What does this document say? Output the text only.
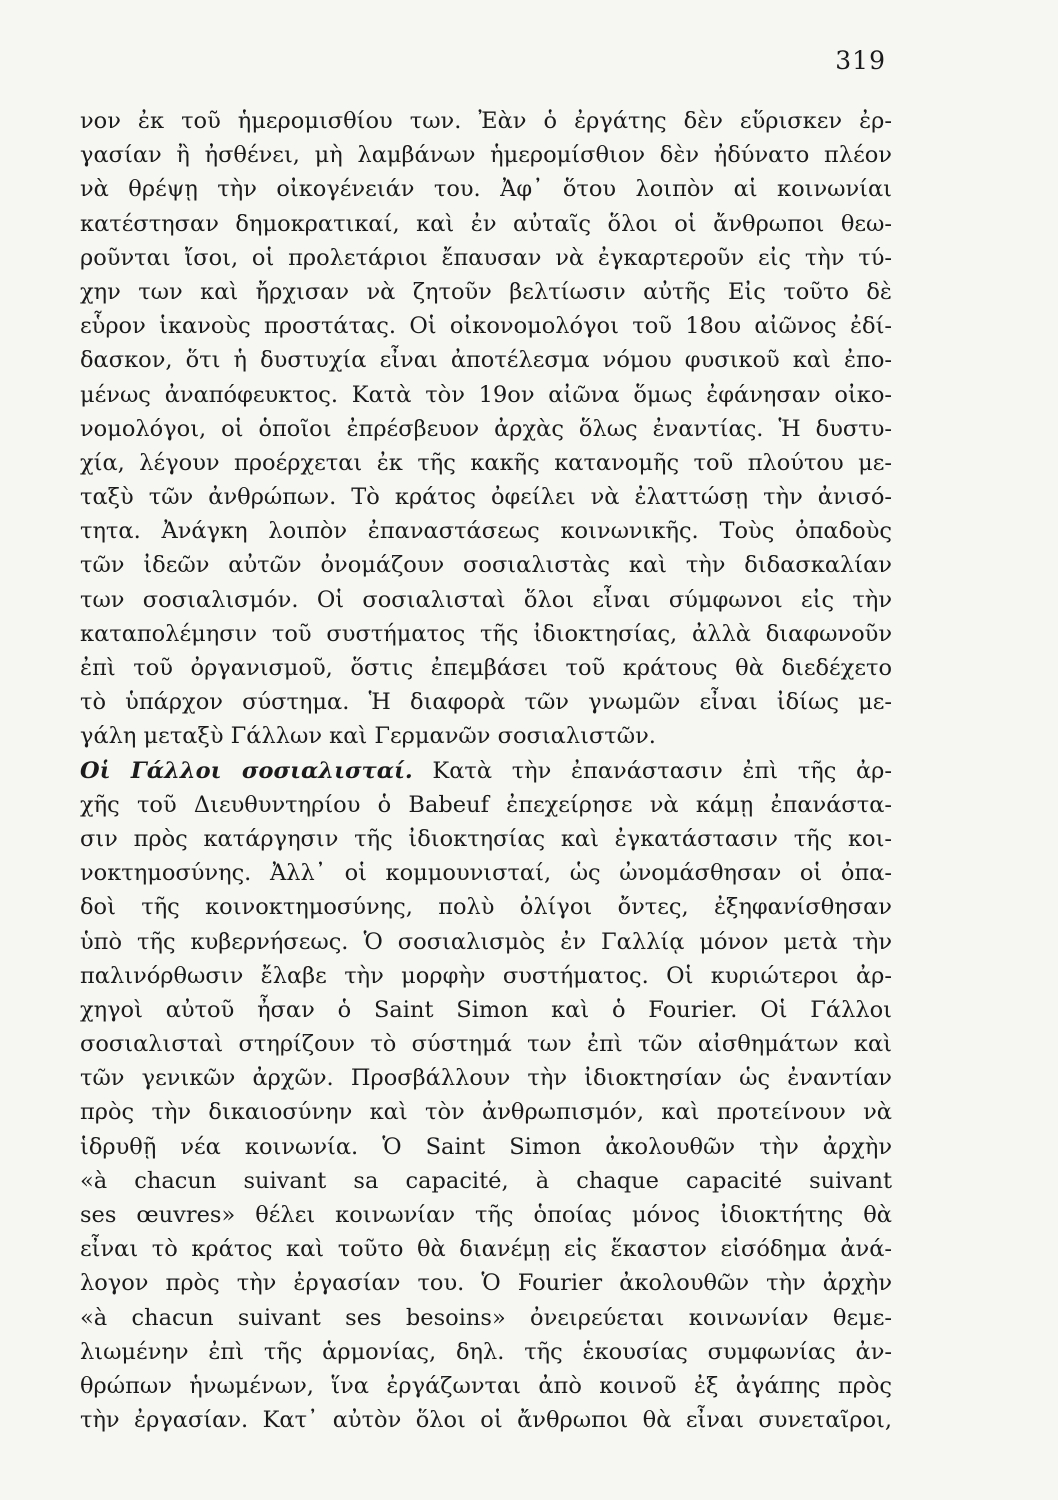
319
νον ἐκ τοῦ ἡμερομισθίου των. Ἐὰν ὁ ἐργάτης δὲν εὕρισκεν ἐρ-
γασίαν ἢ ἠσθένει, μὴ λαμβάνων ἡμερομίσθιον δὲν ἠδύνατο πλέον
νὰ θρέψῃ τὴν οἰκογένειάν του. Ἀφ᾽ ὅτου λοιπὸν αἱ κοινωνίαι
κατέστησαν δημοκρατικαί, καὶ ἐν αὐταῖς ὅλοι οἱ ἄνθρωποι θεω-
ροῦνται ἴσοι, οἱ προλετάριοι ἔπαυσαν νὰ ἐγκαρτεροῦν εἰς τὴν τύ-
χην των καὶ ἤρχισαν νὰ ζητοῦν βελτίωσιν αὐτῆς Εἰς τοῦτο δὲ
εὗρον ἱκανοὺς προστάτας. Οἱ οἰκονομολόγοι τοῦ 18ου αἰῶνος ἐδί-
δασκον, ὅτι ἡ δυστυχία εἶναι ἀποτέλεσμα νόμου φυσικοῦ καὶ ἐπο-
μένως ἀναπόφευκτος. Κατὰ τὸν 19ον αἰῶνα ὅμως ἐφάνησαν οἰκο-
νομολόγοι, οἱ ὁποῖοι ἐπρέσβευον ἀρχὰς ὅλως ἐναντίας. Ἡ δυστυ-
χία, λέγουν προέρχεται ἐκ τῆς κακῆς κατανομῆς τοῦ πλούτου με-
ταξὺ τῶν ἀνθρώπων. Τὸ κράτος ὀφείλει νὰ ἐλαττώσῃ τὴν ἀνισό-
τητα. Ἀνάγκη λοιπὸν ἐπαναστάσεως κοινωνικῆς. Τοὺς ὀπαδοὺς
τῶν ἰδεῶν αὐτῶν ὀνομάζουν σοσιαλιστὰς καὶ τὴν διδασκαλίαν
των σοσιαλισμόν. Οἱ σοσιαλισταὶ ὅλοι εἶναι σύμφωνοι εἰς τὴν
καταπολέμησιν τοῦ συστήματος τῆς ἰδιοκτησίας, ἀλλὰ διαφωνοῦν
ἐπὶ τοῦ ὀργανισμοῦ, ὅστις ἐπεμβάσει τοῦ κράτους θὰ διεδέχετο
τὸ ὑπάρχον σύστημα. Ἡ διαφορὰ τῶν γνωμῶν εἶναι ἰδίως με-
γάλη μεταξὺ Γάλλων καὶ Γερμανῶν σοσιαλιστῶν.
Οἱ Γάλλοι σοσιαλισταί. Κατὰ τὴν ἐπανάστασιν ἐπὶ τῆς ἀρ-
χῆς τοῦ Διευθυντηρίου ὁ Babeuf ἐπεχείρησε νὰ κάμῃ ἐπανάστα-
σιν πρὸς κατάργησιν τῆς ἰδιοκτησίας καὶ ἐγκατάστασιν τῆς κοι-
νοκτημοσύνης. Ἀλλ᾽ οἱ κομμουνισταί, ὡς ὠνομάσθησαν οἱ ὀπα-
δοὶ τῆς κοινοκτημοσύνης, πολὺ ὀλίγοι ὄντες, ἐξηφανίσθησαν
ὑπὸ τῆς κυβερνήσεως. Ὁ σοσιαλισμὸς ἐν Γαλλίᾳ μόνον μετὰ τὴν
παλινόρθωσιν ἔλαβε τὴν μορφὴν συστήματος. Οἱ κυριώτεροι ἀρ-
χηγοὶ αὐτοῦ ἦσαν ὁ Saint Simon καὶ ὁ Fourier. Οἱ Γάλλοι
σοσιαλισταὶ στηρίζουν τὸ σύστημά των ἐπὶ τῶν αἰσθημάτων καὶ
τῶν γενικῶν ἀρχῶν. Προσβάλλουν τὴν ἰδιοκτησίαν ὡς ἐναντίαν
πρὸς τὴν δικαιοσύνην καὶ τὸν ἀνθρωπισμόν, καὶ προτείνουν νὰ
ἱδρυθῇ νέα κοινωνία. Ὁ Saint Simon ἀκολουθῶν τὴν ἀρχὴν
«à chacun suivant sa capacité, à chaque capacité suivant
ses œuvres» θέλει κοινωνίαν τῆς ὁποίας μόνος ἰδιοκτήτης θὰ
εἶναι τὸ κράτος καὶ τοῦτο θὰ διανέμῃ εἰς ἕκαστον εἰσόδημα ἀνά-
λογον πρὸς τὴν ἐργασίαν του. Ὁ Fourier ἀκολουθῶν τὴν ἀρχὴν
«à chacun suivant ses besoins» ὀνειρεύεται κοινωνίαν θεμε-
λιωμένην ἐπὶ τῆς ἁρμονίας, δηλ. τῆς ἑκουσίας συμφωνίας ἀν-
θρώπων ἡνωμένων, ἵνα ἐργάζωνται ἀπὸ κοινοῦ ἐξ ἀγάπης πρὸς
τὴν ἐργασίαν. Κατ᾽ αὐτὸν ὅλοι οἱ ἄνθρωποι θὰ εἶναι συνεταῖροι,
